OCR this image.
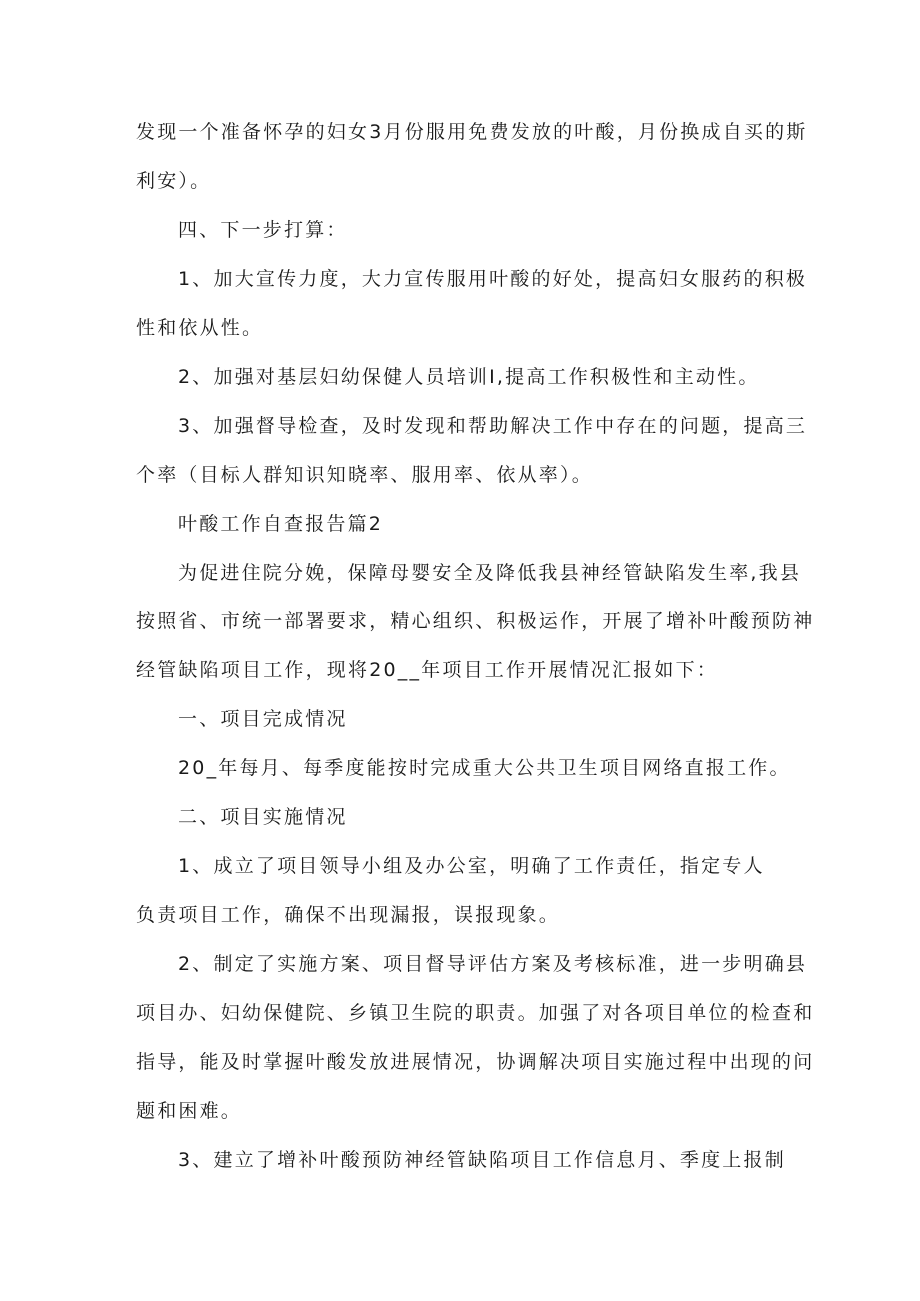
发现一个准备怀孕的妇女3月份服用免费发放的叶酸，月份换成自买的斯
利安）。
四、下一步打算：
1、加大宣传力度，大力宣传服用叶酸的好处，提高妇女服药的积极
性和依从性。
2、加强对基层妇幼保健人员培训I,提高工作积极性和主动性。
3、加强督导检查，及时发现和帮助解决工作中存在的问题，提高三
个率（目标人群知识知晓率、服用率、依从率）。
叶酸工作自查报告篇2
为促进住院分娩，保障母婴安全及降低我县神经管缺陷发生率,我县
按照省、市统一部署要求，精心组织、积极运作，开展了增补叶酸预防神
经管缺陷项目工作，现将20__年项目工作开展情况汇报如下：
一、项目完成情况
20_年每月、每季度能按时完成重大公共卫生项目网络直报工作。
二、项目实施情况
1、成立了项目领导小组及办公室，明确了工作责任，指定专人
负责项目工作，确保不出现漏报，误报现象。
2、制定了实施方案、项目督导评估方案及考核标准，进一步明确县
项目办、妇幼保健院、乡镇卫生院的职责。加强了对各项目单位的检查和
指导，能及时掌握叶酸发放进展情况，协调解决项目实施过程中出现的问
题和困难。
3、建立了增补叶酸预防神经管缺陷项目工作信息月、季度上报制
